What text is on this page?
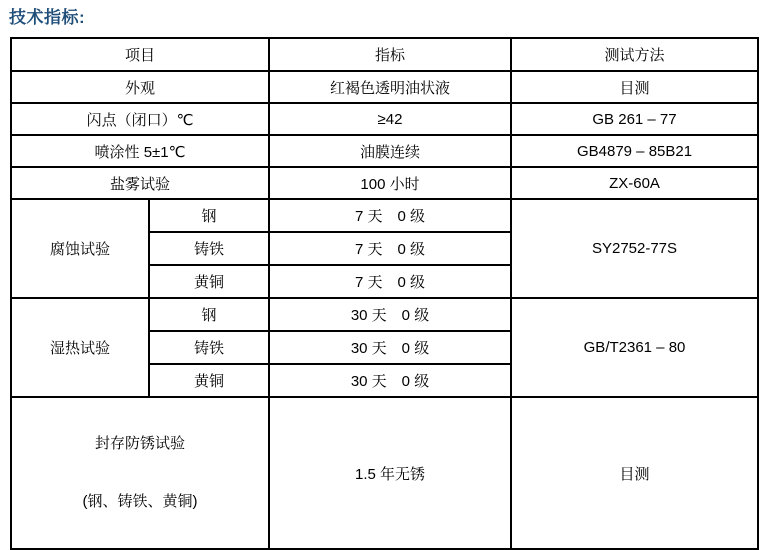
技术指标:
项目		指标	测试方法
外观		红褐色透明油状液	目测
闪点（闭口）℃		≥42	GB 261 – 77
喷涂性 5±1℃		油膜连续	GB4879 – 85B21
盐雾试验		100 小时	ZX-60A
腐蚀试验	钢	7 天　0 级	SY2752-77S
	铸铁	7 天　0 级	
	黄铜	7 天　0 级	
湿热试验	钢	30 天　0 级	GB/T2361 – 80
	铸铁	30 天　0 级	
	黄铜	30 天　0 级	

封存防锈试验

(钢、铸铁、黄铜)		1.5 年无锈	目测
